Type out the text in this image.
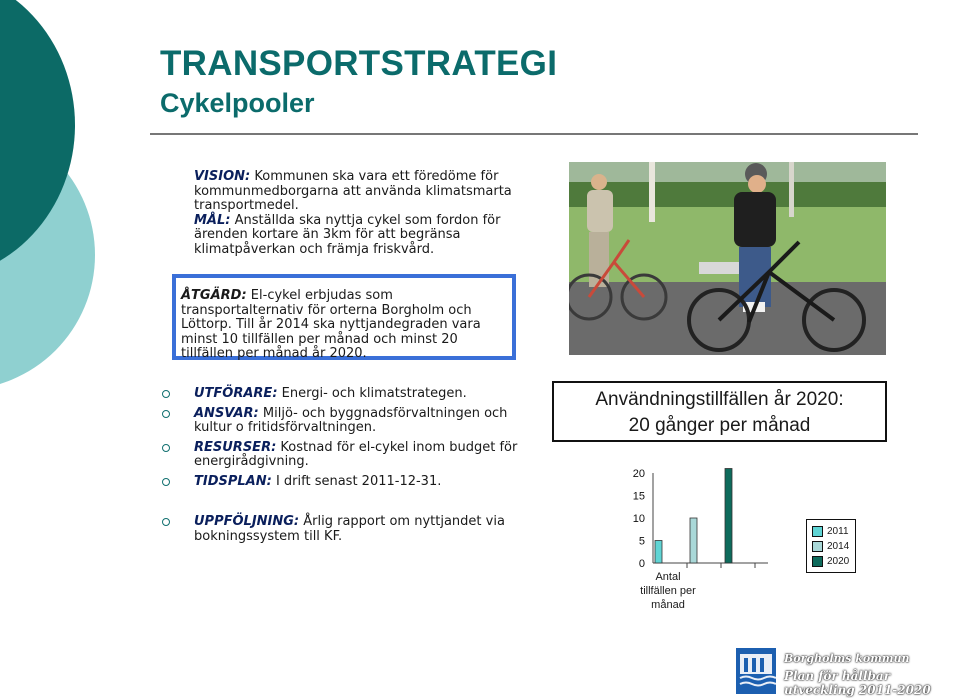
TRANSPORTSTRATEGI
Cykelpooler
VISION: Kommunen ska vara ett föredöme för kommunmedborgarna att använda klimatsmarta transportmedel.
MÅL: Anställda ska nyttja cykel som fordon för ärenden kortare än 3km för att begränsa klimatpåverkan och främja friskvård.
ÅTGÄRD: El-cykel erbjudas som transportalternativ för orterna Borgholm och Löttorp. Till år 2014 ska nyttjandegraden vara minst 10 tillfällen per månad och minst 20 tillfällen per månad år 2020.
UTFÖRARE: Energi- och klimatstrategen.
ANSVAR: Miljö- och byggnadsförvaltningen och kultur o fritidsförvaltningen.
RESURSER: Kostnad för el-cykel inom budget för energirådgivning.
TIDSPLAN: I drift senast 2011-12-31.
UPPFÖLJNING: Årlig rapport om nyttjandet via bokningssystem till KF.
Användningstillfällen år 2020:
20 gånger per månad
0
5
10
15
20
Antal tillfällen per månad
2011
2014
2020
Borgholms kommun
Plan för hållbar utveckling 2011-2020
